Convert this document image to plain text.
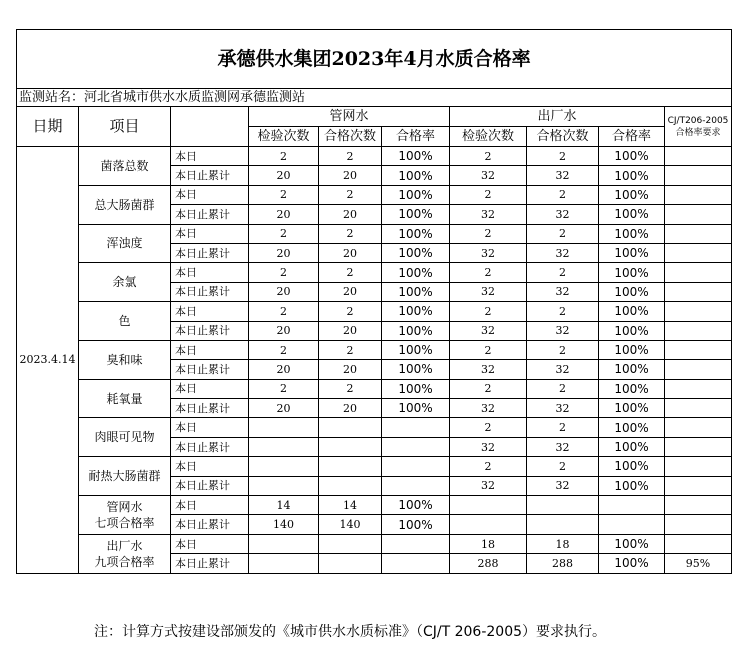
承德供水集团2023年4月水质合格率									
监测站名：河北省城市供水水质监测网承德监测站									
日期	项目		管网水			出厂水			CJ/T206-2005合格率要求
			检验次数	合格次数	合格率	检验次数	合格次数	合格率	
2023.4.14	菌落总数	本日	2	2	100%	2	2	100%	
		本日止累计	20	20	100%	32	32	100%	
	总大肠菌群	本日	2	2	100%	2	2	100%	
		本日止累计	20	20	100%	32	32	100%	
	浑浊度	本日	2	2	100%	2	2	100%	
		本日止累计	20	20	100%	32	32	100%	
	余氯	本日	2	2	100%	2	2	100%	
		本日止累计	20	20	100%	32	32	100%	
	色	本日	2	2	100%	2	2	100%	
		本日止累计	20	20	100%	32	32	100%	
	臭和味	本日	2	2	100%	2	2	100%	
		本日止累计	20	20	100%	32	32	100%	
	耗氧量	本日	2	2	100%	2	2	100%	
		本日止累计	20	20	100%	32	32	100%	
	肉眼可见物	本日				2	2	100%	
		本日止累计				32	32	100%	
	耐热大肠菌群	本日				2	2	100%	
		本日止累计				32	32	100%	
	管网水
七项合格率	本日	14	14	100%				
		本日止累计	140	140	100%				
	出厂水
九项合格率	本日				18	18	100%	
		本日止累计				288	288	100%	95%
注：计算方式按建设部颁发的《城市供水水质标准》（CJ/T 206-2005）要求执行。
